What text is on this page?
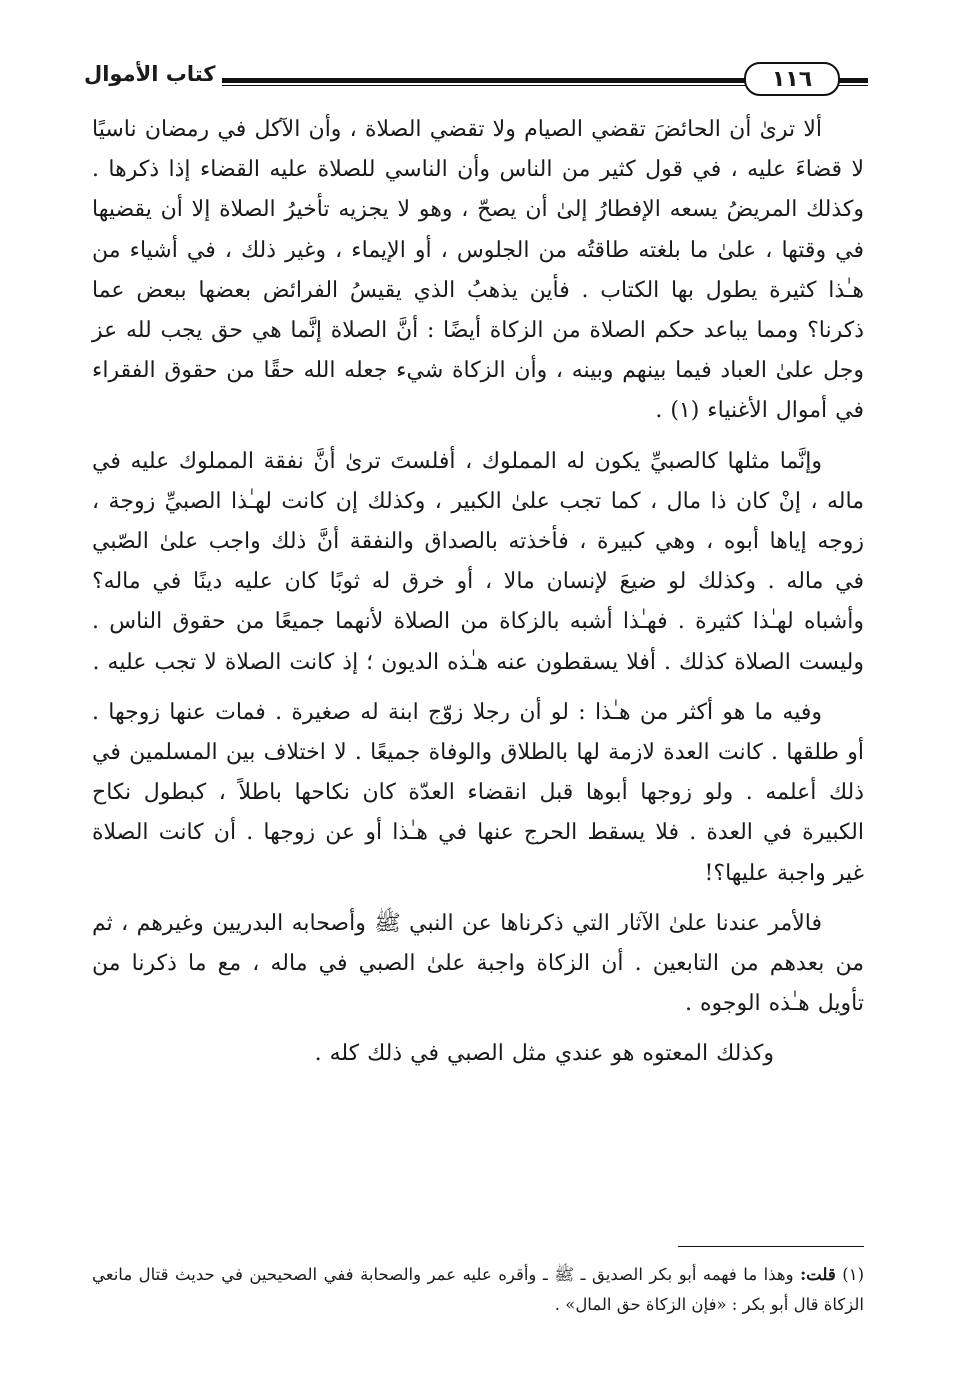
كتاب الأموال	١١٦

ألا ترىٰ أن الحائضَ تقضي الصيام ولا تقضي الصلاة ، وأن الآكل في رمضان ناسيًا لا قضاءَ عليه ، في قول كثير من الناس وأن الناسي للصلاة عليه القضاء إذا ذكرها . وكذلك المريضُ يسعه الإفطارُ إلىٰ أن يصحّ ، وهو لا يجزيه تأخيرُ الصلاة إلا أن يقضيها في وقتها ، علىٰ ما بلغته طاقتُه من الجلوس ، أو الإيماء ، وغير ذلك ، في أشياء من هـٰذا كثيرة يطول بها الكتاب . فأين يذهبُ الذي يقيسُ الفرائض بعضها ببعض عما ذكرنا؟ ومما يباعد حكم الصلاة من الزكاة أيضًا : أنَّ الصلاة إنَّما هي حق يجب لله عز وجل علىٰ العباد فيما بينهم وبينه ، وأن الزكاة شيء جعله الله حقًا من حقوق الفقراء في أموال الأغنياء (١) .

وإنَّما مثلها كالصبيِّ يكون له المملوك ، أفلستَ ترىٰ أنَّ نفقة المملوك عليه في ماله ، إنْ كان ذا مال ، كما تجب علىٰ الكبير ، وكذلك إن كانت لهـٰذا الصبيِّ زوجة ، زوجه إياها أبوه ، وهي كبيرة ، فأخذته بالصداق والنفقة أنَّ ذلك واجب علىٰ الصّبي في ماله . وكذلك لو ضيعَ لإنسان مالا ، أو خرق له ثوبًا كان عليه دينًا في ماله؟ وأشباه لهـٰذا كثيرة . فهـٰذا أشبه بالزكاة من الصلاة لأنهما جميعًا من حقوق الناس . وليست الصلاة كذلك . أفلا يسقطون عنه هـٰذه الديون ؛ إذ كانت الصلاة لا تجب عليه .

وفيه ما هو أكثر من هـٰذا : لو أن رجلا زوّج ابنة له صغيرة . فمات عنها زوجها . أو طلقها . كانت العدة لازمة لها بالطلاق والوفاة جميعًا . لا اختلاف بين المسلمين في ذلك أعلمه . ولو زوجها أبوها قبل انقضاء العدّة كان نكاحها باطلاً ، كبطول نكاح الكبيرة في العدة . فلا يسقط الحرج عنها في هـٰذا أو عن زوجها . أن كانت الصلاة غير واجبة عليها؟!

فالأمر عندنا علىٰ الآثار التي ذكرناها عن النبي ﷺ وأصحابه البدريين وغيرهم ، ثم من بعدهم من التابعين . أن الزكاة واجبة علىٰ الصبي في ماله ، مع ما ذكرنا من تأويل هـٰذه الوجوه .

وكذلك المعتوه هو عندي مثل الصبي في ذلك كله .

(١) قلت: وهذا ما فهمه أبو بكر الصديق ـ ﷺ ـ وأقره عليه عمر والصحابة ففي الصحيحين في حديث قتال مانعي الزكاة قال أبو بكر : «فإن الزكاة حق المال» .
